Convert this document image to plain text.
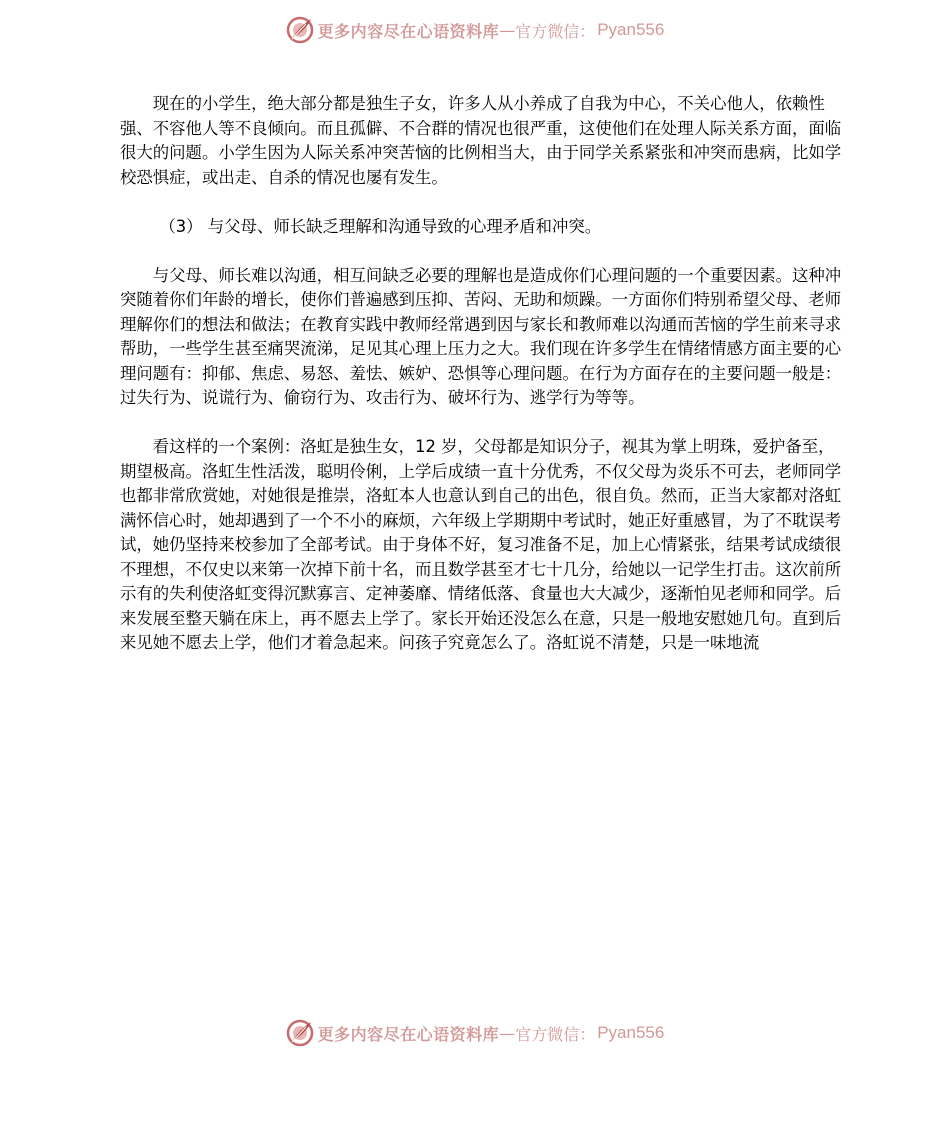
更多内容尽在心语资料库 — 官方微信： Pyan556

现在的小学生，绝大部分都是独生子女，许多人从小养成了自我为中心，不关心他人，依赖性强、不容他人等不良倾向。而且孤僻、不合群的情况也很严重，这使他们在处理人际关系方面，面临很大的问题。小学生因为人际关系冲突苦恼的比例相当大，由于同学关系紧张和冲突而患病，比如学校恐惧症，或出走、自杀的情况也屡有发生。

（3） 与父母、师长缺乏理解和沟通导致的心理矛盾和冲突。

与父母、师长难以沟通，相互间缺乏必要的理解也是造成你们心理问题的一个重要因素。这种冲突随着你们年龄的增长，使你们普遍感到压抑、苦闷、无助和烦躁。一方面你们特别希望父母、老师理解你们的想法和做法；在教育实践中教师经常遇到因与家长和教师难以沟通而苦恼的学生前来寻求帮助，一些学生甚至痛哭流涕，足见其心理上压力之大。我们现在许多学生在情绪情感方面主要的心理问题有：抑郁、焦虑、易怒、羞怯、嫉妒、恐惧等心理问题。在行为方面存在的主要问题一般是：过失行为、说谎行为、偷窃行为、攻击行为、破坏行为、逃学行为等等。

看这样的一个案例：洛虹是独生女，12 岁，父母都是知识分子，视其为掌上明珠，爱护备至，期望极高。洛虹生性活泼，聪明伶俐，上学后成绩一直十分优秀，不仅父母为炎乐不可去，老师同学也都非常欣赏她，对她很是推崇，洛虹本人也意认到自己的出色，很自负。然而，正当大家都对洛虹满怀信心时，她却遇到了一个不小的麻烦，六年级上学期期中考试时，她正好重感冒，为了不耽误考试，她仍坚持来校参加了全部考试。由于身体不好，复习准备不足，加上心情紧张，结果考试成绩很不理想，不仅史以来第一次掉下前十名，而且数学甚至才七十几分，给她以一记学生打击。这次前所示有的失利使洛虹变得沉默寡言、定神萎靡、情绪低落、食量也大大减少，逐渐怕见老师和同学。后来发展至整天躺在床上，再不愿去上学了。家长开始还没怎么在意，只是一般地安慰她几句。直到后来见她不愿去上学，他们才着急起来。问孩子究竟怎么了。洛虹说不清楚，只是一味地流

更多内容尽在心语资料库 — 官方微信： Pyan556
